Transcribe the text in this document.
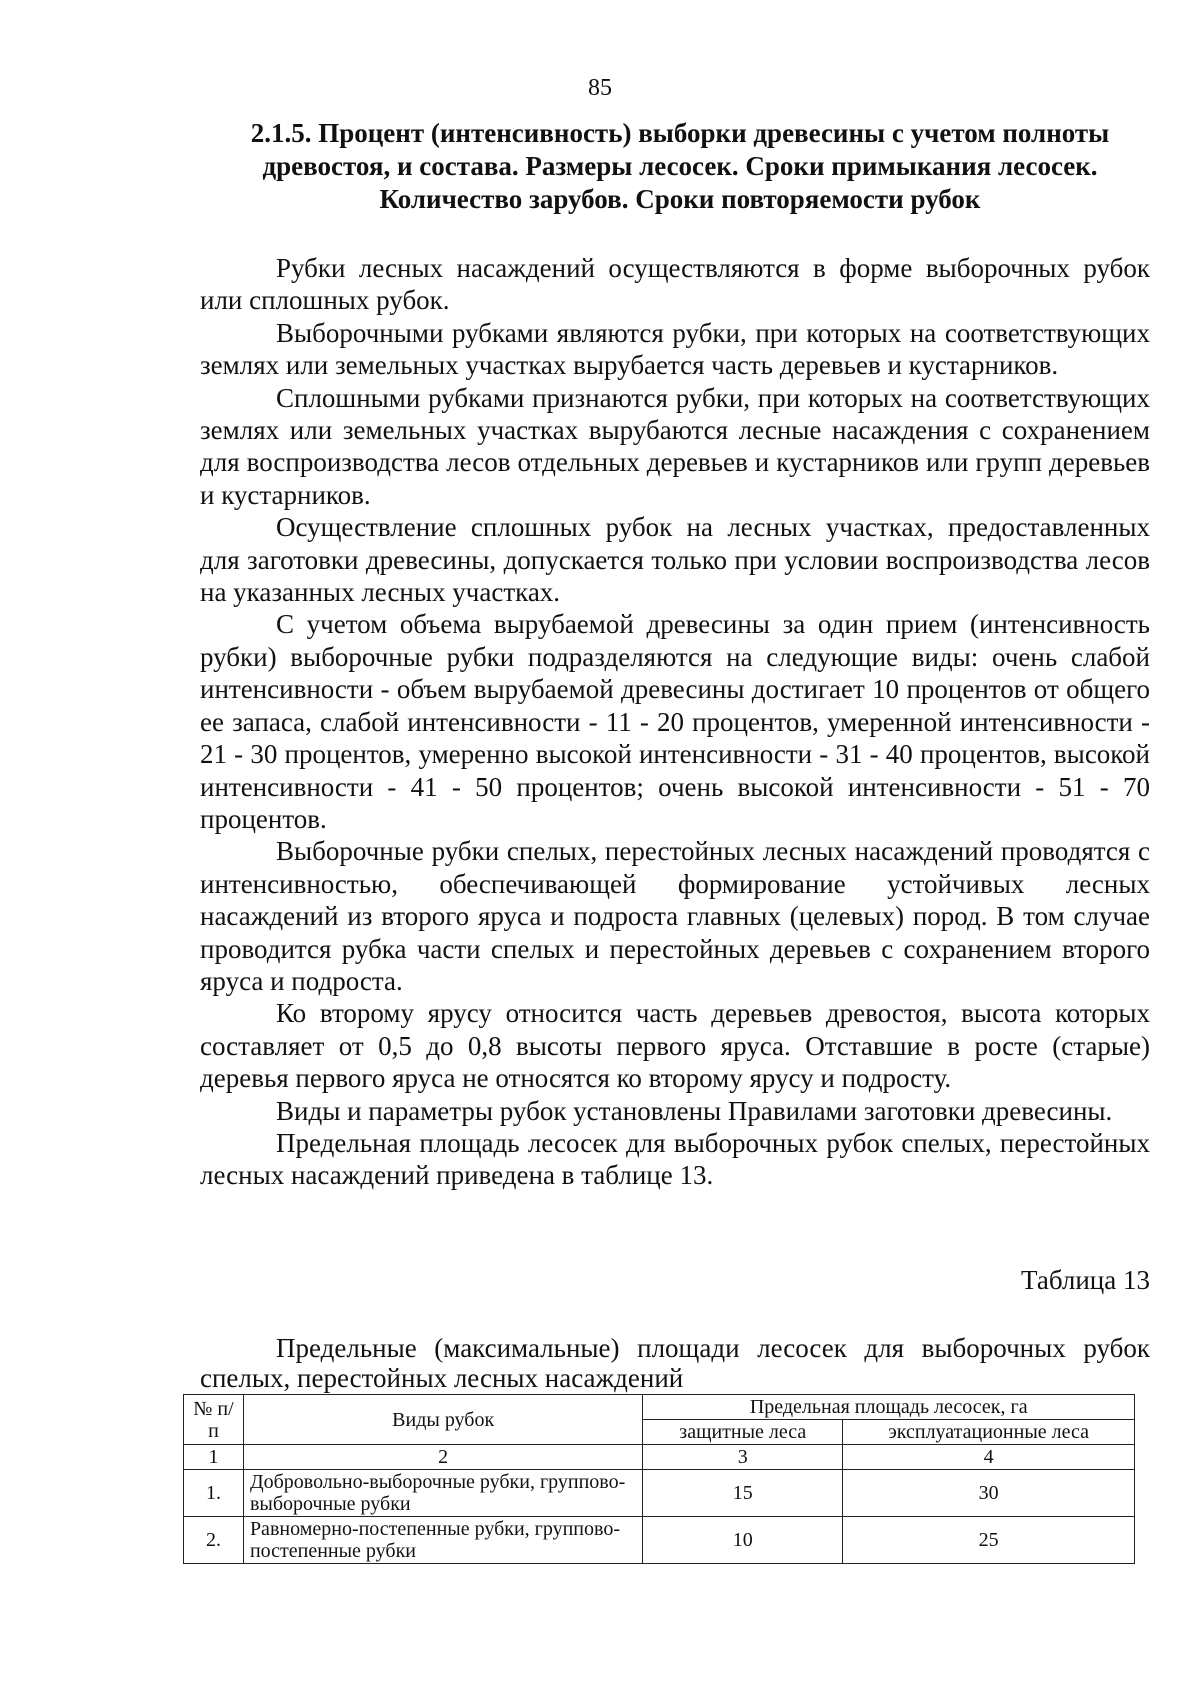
85
2.1.5. Процент (интенсивность) выборки древесины с учетом полноты древостоя, и состава. Размеры лесосек. Сроки примыкания лесосек. Количество зарубов. Сроки повторяемости рубок

Рубки лесных насаждений осуществляются в форме выборочных рубок или сплошных рубок.

Выборочными рубками являются рубки, при которых на соответствующих землях или земельных участках вырубается часть деревьев и кустарников.

Сплошными рубками признаются рубки, при которых на соответствующих землях или земельных участках вырубаются лесные насаждения с сохранением для воспроизводства лесов отдельных деревьев и кустарников или групп деревьев и кустарников.

Осуществление сплошных рубок на лесных участках, предоставленных для заготовки древесины, допускается только при условии воспроизводства лесов на указанных лесных участках.

С учетом объема вырубаемой древесины за один прием (интенсивность рубки) выборочные рубки подразделяются на следующие виды: очень слабой интенсивности - объем вырубаемой древесины достигает 10 процентов от общего ее запаса, слабой интенсивности - 11 - 20 процентов, умеренной интенсивности - 21 - 30 процентов, умеренно высокой интенсивности - 31 - 40 процентов, высокой интенсивности - 41 - 50 процентов; очень высокой интенсивности - 51 - 70 процентов.

Выборочные рубки спелых, перестойных лесных насаждений проводятся с интенсивностью, обеспечивающей формирование устойчивых лесных насаждений из второго яруса и подроста главных (целевых) пород. В том случае проводится рубка части спелых и перестойных деревьев с сохранением второго яруса и подроста.

Ко второму ярусу относится часть деревьев древостоя, высота которых составляет от 0,5 до 0,8 высоты первого яруса. Отставшие в росте (старые) деревья первого яруса не относятся ко второму ярусу и подросту.

Виды и параметры рубок установлены Правилами заготовки древесины.

Предельная площадь лесосек для выборочных рубок спелых, перестойных лесных насаждений приведена в таблице 13.

Таблица 13
Предельные (максимальные) площади лесосек для выборочных рубок спелых, перестойных лесных насаждений
№ п/п	Виды рубок	Предельная площадь лесосек, га	
		защитные леса	эксплуатационные леса
1	2	3	4
1.	Добровольно-выборочные рубки, группово-выборочные рубки	15	30
2.	Равномерно-постепенные рубки, группово-постепенные рубки	10	25
